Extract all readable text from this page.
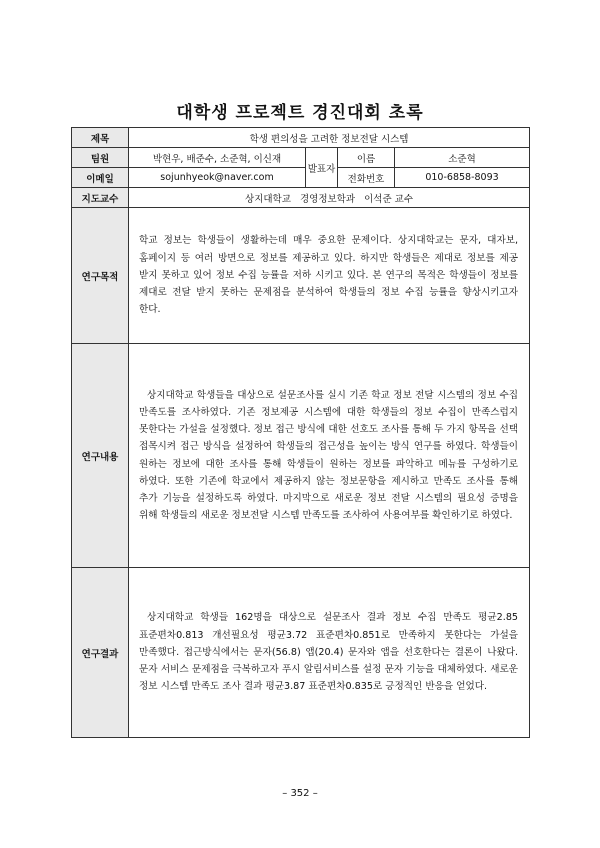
대학생 프로젝트 경진대회 초록
제목	학생 편의성을 고려한 정보전달 시스템			
팀원	박현우, 배준수, 소준혁, 이신재	발표자	이름	소준혁
이메일	sojunhyeok@naver.com		전화번호	010-6858-8093
지도교수	상지대학교   경영정보학과   이석준 교수			
연구목적	학교 정보는 학생들이 생활하는데 매우 중요한 문제이다. 상지대학교는 문자, 대자보, 홈페이지 등 여러 방면으로 정보를 제공하고 있다. 하지만 학생들은 제대로 정보를 제공 받지 못하고 있어 정보 수집 능률을 저하 시키고 있다. 본 연구의 목적은 학생들이 정보를 제대로 전달 받지 못하는 문제점을 분석하여 학생들의 정보 수집 능률을 향상시키고자 한다.			

연구내용	상지대학교 학생들을 대상으로 설문조사를 실시 기존 학교 정보 전달 시스템의 정보 수집 만족도를 조사하였다. 기존 정보제공 시스템에 대한 학생들의 정보 수집이 만족스럽지 못한다는 가설을 설정했다. 정보 접근 방식에 대한 선호도 조사를 통해 두 가지 항목을 선택 접목시켜 접근 방식을 설정하여 학생들의 접근성을 높이는 방식 연구를 하였다. 학생들이 원하는 정보에 대한 조사를 통해 학생들이 원하는 정보를 파악하고 메뉴를 구성하기로 하였다. 또한 기존에 학교에서 제공하지 않는 정보문항을 제시하고 만족도 조사를 통해 추가 기능을 설정하도록 하였다. 마지막으로 새로운 정보 전달 시스템의 필요성 증명을 위해 학생들의 새로운 정보전달 시스템 만족도를 조사하여 사용여부를 확인하기로 하였다.			

연구결과	상지대학교 학생들 162명을 대상으로 설문조사 결과 정보 수집 만족도 평균2.85 표준편차0.813 개선필요성 평균3.72 표준편차0.851로 만족하지 못한다는 가설을 만족했다. 접근방식에서는 문자(56.8) 앱(20.4) 문자와 앱을 선호한다는 결론이 나왔다. 문자 서비스 문제점을 극복하고자 푸시 알림서비스를 설정 문자 기능을 대체하였다. 새로운 정보 시스템 만족도 조사 결과 평균3.87 표준편차0.835로 긍정적인 반응을 얻었다.			
– 352 –
